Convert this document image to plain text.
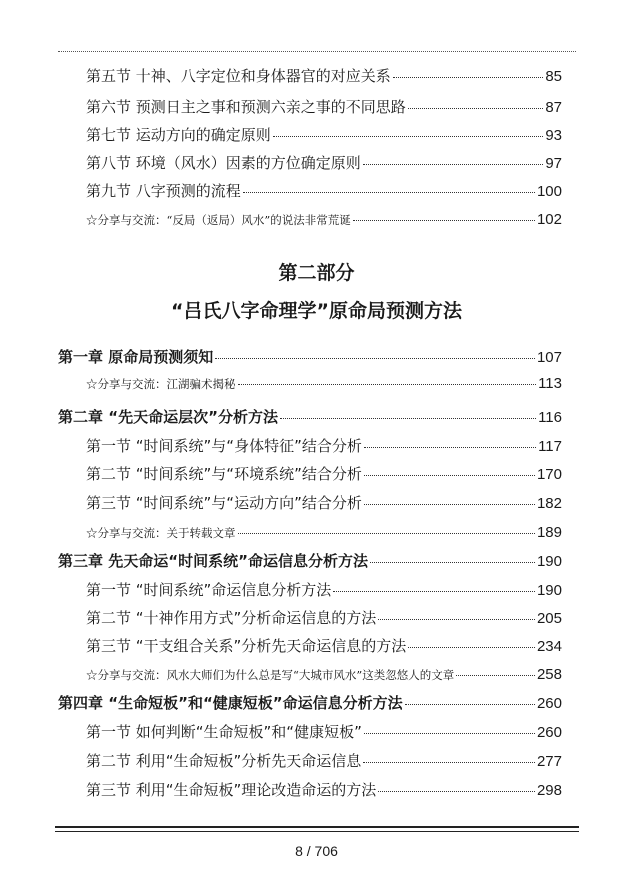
第五节 十神、八字定位和身体器官的对应关系	85
第六节 预测日主之事和预测六亲之事的不同思路	87
第七节 运动方向的确定原则	93
第八节 环境（风水）因素的方位确定原则	97
第九节 八字预测的流程	100
☆分享与交流：“反局（返局）风水”的说法非常荒诞	102
第二部分
“吕氏八字命理学”原命局预测方法
第一章 原命局预测须知	107
☆分享与交流：江湖骗术揭秘	113
第二章 “先天命运层次”分析方法	116
第一节 “时间系统”与“身体特征”结合分析	117
第二节 “时间系统”与“环境系统”结合分析	170
第三节 “时间系统”与“运动方向”结合分析	182
☆分享与交流：关于转载文章	189
第三章 先天命运“时间系统”命运信息分析方法	190
第一节 “时间系统”命运信息分析方法	190
第二节 “十神作用方式”分析命运信息的方法	205
第三节 “干支组合关系”分析先天命运信息的方法	234
☆分享与交流：风水大师们为什么总是写“大城市风水”这类忽悠人的文章	258
第四章 “生命短板”和“健康短板”命运信息分析方法	260
第一节 如何判断“生命短板”和“健康短板”	260
第二节 利用“生命短板”分析先天命运信息	277
第三节 利用“生命短板”理论改造命运的方法	298
8 / 706
